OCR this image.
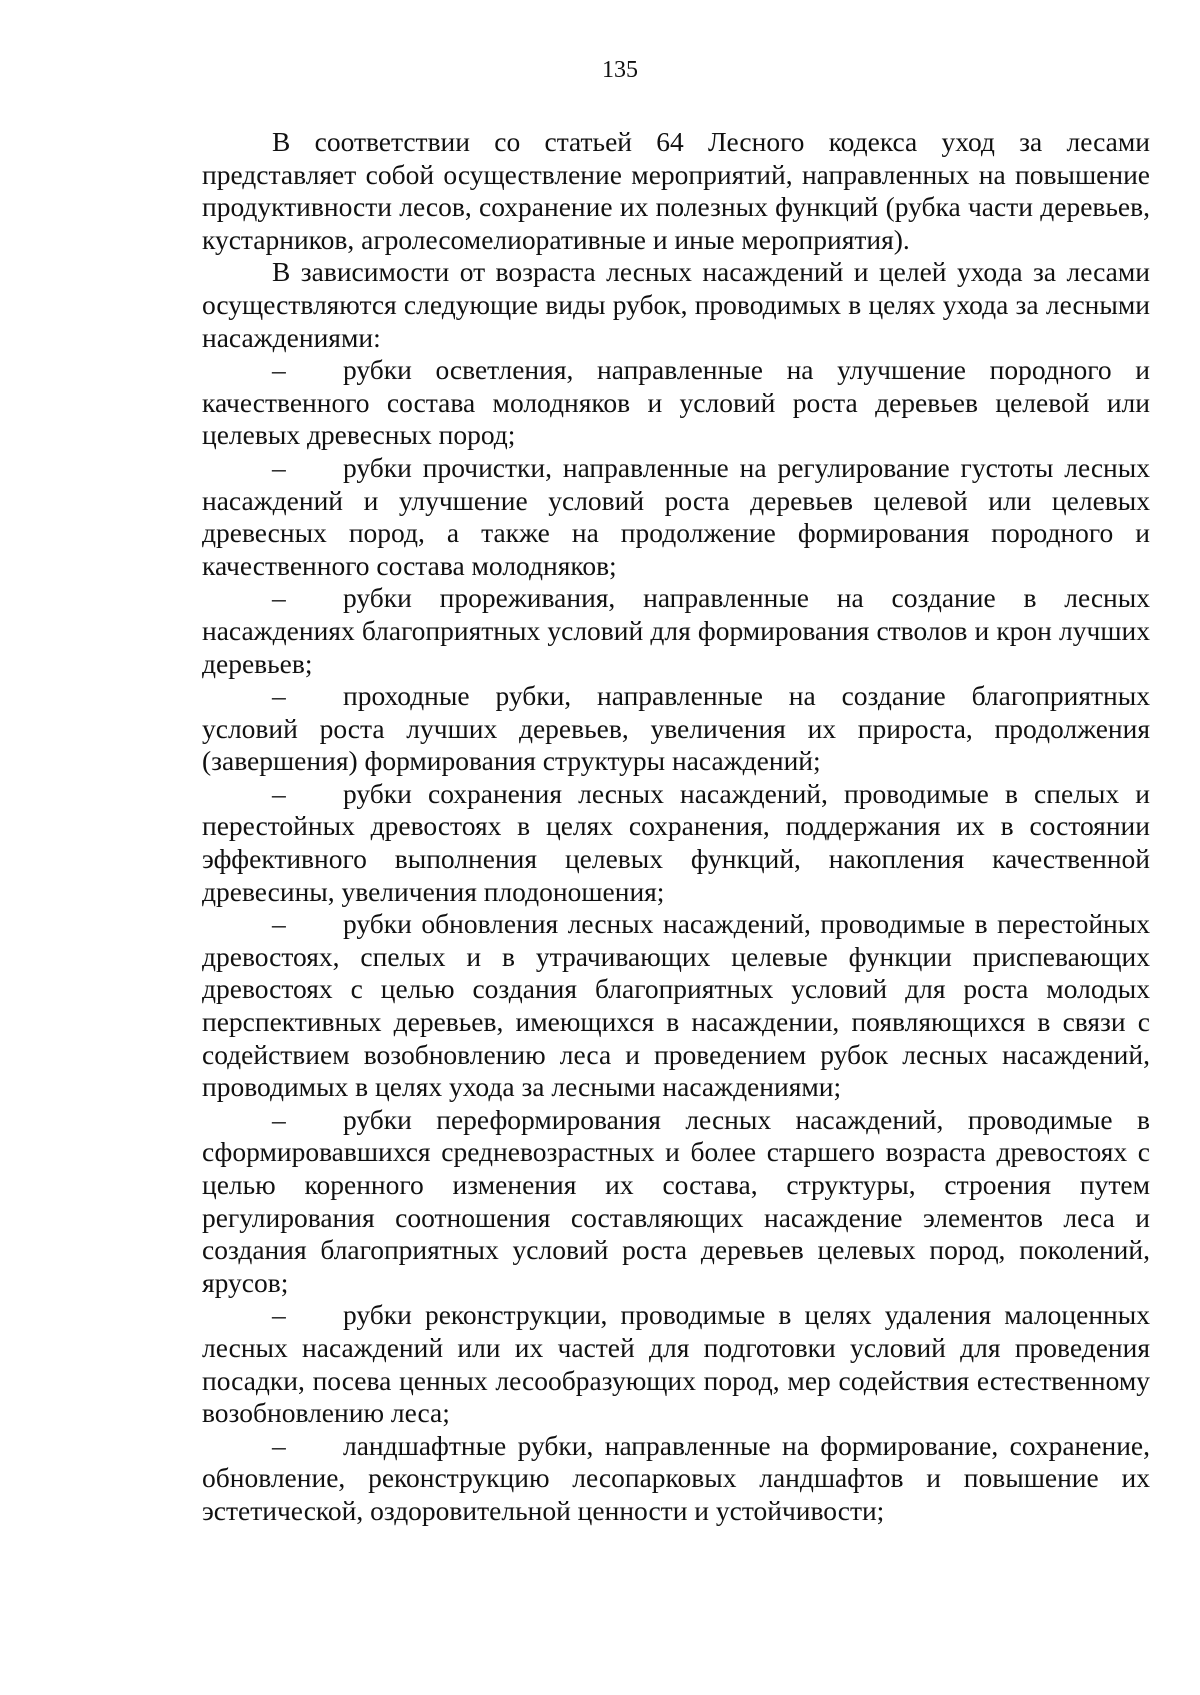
135

В соответствии со статьей 64 Лесного кодекса уход за лесами представляет собой осуществление мероприятий, направленных на повышение продуктивности лесов, сохранение их полезных функций (рубка части деревьев, кустарников, агролесомелиоративные и иные мероприятия).

В зависимости от возраста лесных насаждений и целей ухода за лесами осуществляются следующие виды рубок, проводимых в целях ухода за лесными насаждениями:

– рубки осветления, направленные на улучшение породного и качественного состава молодняков и условий роста деревьев целевой или целевых древесных пород;
– рубки прочистки, направленные на регулирование густоты лесных насаждений и улучшение условий роста деревьев целевой или целевых древесных пород, а также на продолжение формирования породного и качественного состава молодняков;
– рубки прореживания, направленные на создание в лесных насаждениях благоприятных условий для формирования стволов и крон лучших деревьев;
– проходные рубки, направленные на создание благоприятных условий роста лучших деревьев, увеличения их прироста, продолжения (завершения) формирования структуры насаждений;
– рубки сохранения лесных насаждений, проводимые в спелых и перестойных древостоях в целях сохранения, поддержания их в состоянии эффективного выполнения целевых функций, накопления качественной древесины, увеличения плодоношения;
– рубки обновления лесных насаждений, проводимые в перестойных древостоях, спелых и в утрачивающих целевые функции приспевающих древостоях с целью создания благоприятных условий для роста молодых перспективных деревьев, имеющихся в насаждении, появляющихся в связи с содействием возобновлению леса и проведением рубок лесных насаждений, проводимых в целях ухода за лесными насаждениями;
– рубки переформирования лесных насаждений, проводимые в сформировавшихся средневозрастных и более старшего возраста древостоях с целью коренного изменения их состава, структуры, строения путем регулирования соотношения составляющих насаждение элементов леса и создания благоприятных условий роста деревьев целевых пород, поколений, ярусов;
– рубки реконструкции, проводимые в целях удаления малоценных лесных насаждений или их частей для подготовки условий для проведения посадки, посева ценных лесообразующих пород, мер содействия естественному возобновлению леса;
– ландшафтные рубки, направленные на формирование, сохранение, обновление, реконструкцию лесопарковых ландшафтов и повышение их эстетической, оздоровительной ценности и устойчивости;
